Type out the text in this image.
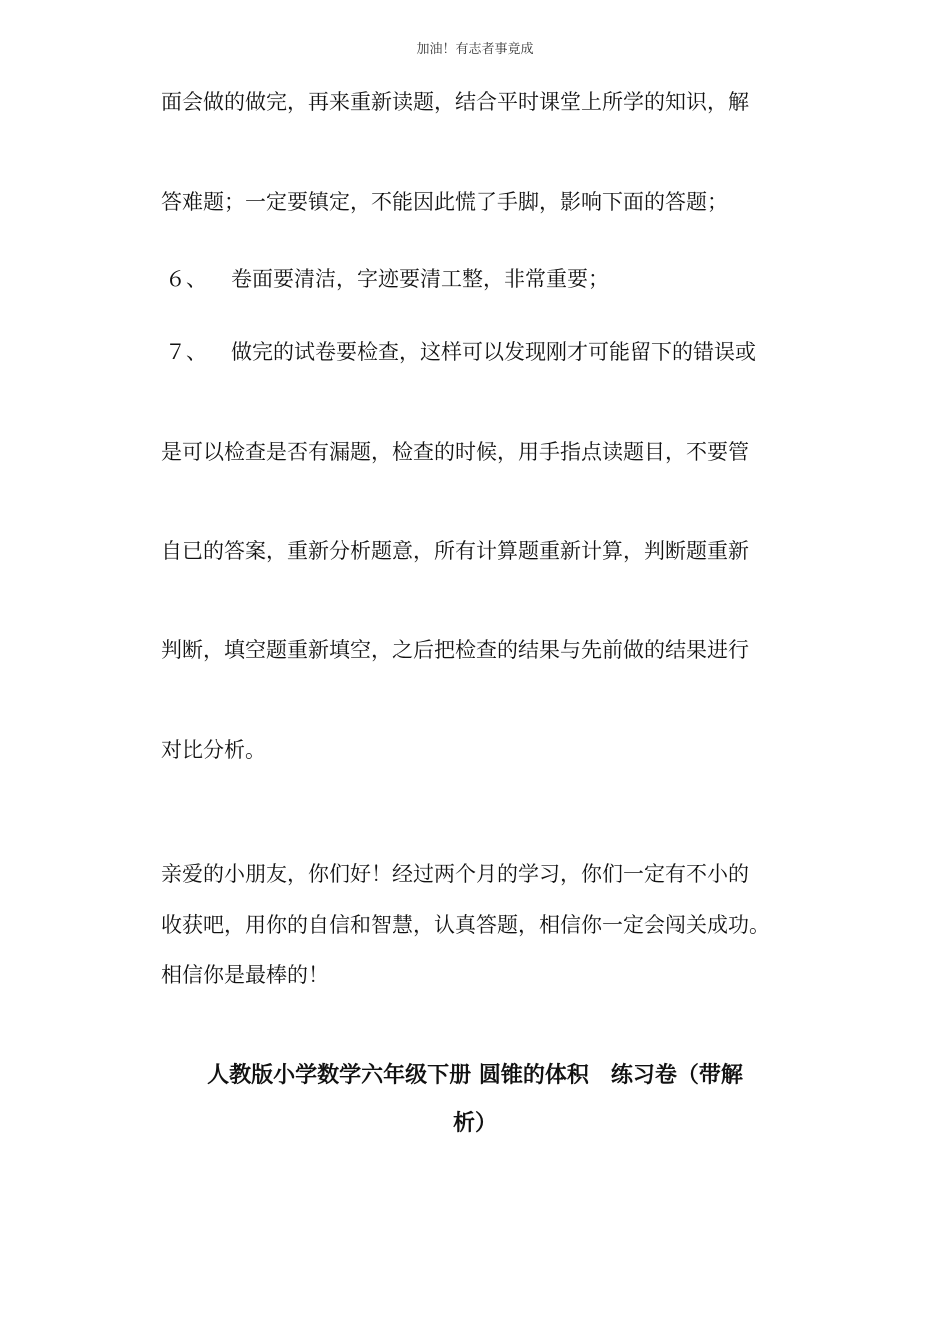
加油！有志者事竟成
面会做的做完，再来重新读题，结合平时课堂上所学的知识，解
答难题；一定要镇定，不能因此慌了手脚，影响下面的答题；
６、 卷面要清洁，字迹要清工整，非常重要；
７、 做完的试卷要检查，这样可以发现刚才可能留下的错误或
是可以检查是否有漏题，检查的时候，用手指点读题目，不要管
自已的答案，重新分析题意，所有计算题重新计算，判断题重新
判断，填空题重新填空，之后把检查的结果与先前做的结果进行
对比分析。
亲爱的小朋友，你们好！经过两个月的学习，你们一定有不小的
收获吧，用你的自信和智慧，认真答题，相信你一定会闯关成功。
相信你是最棒的！
人教版小学数学六年级下册 圆锥的体积　练习卷（带解
析）
